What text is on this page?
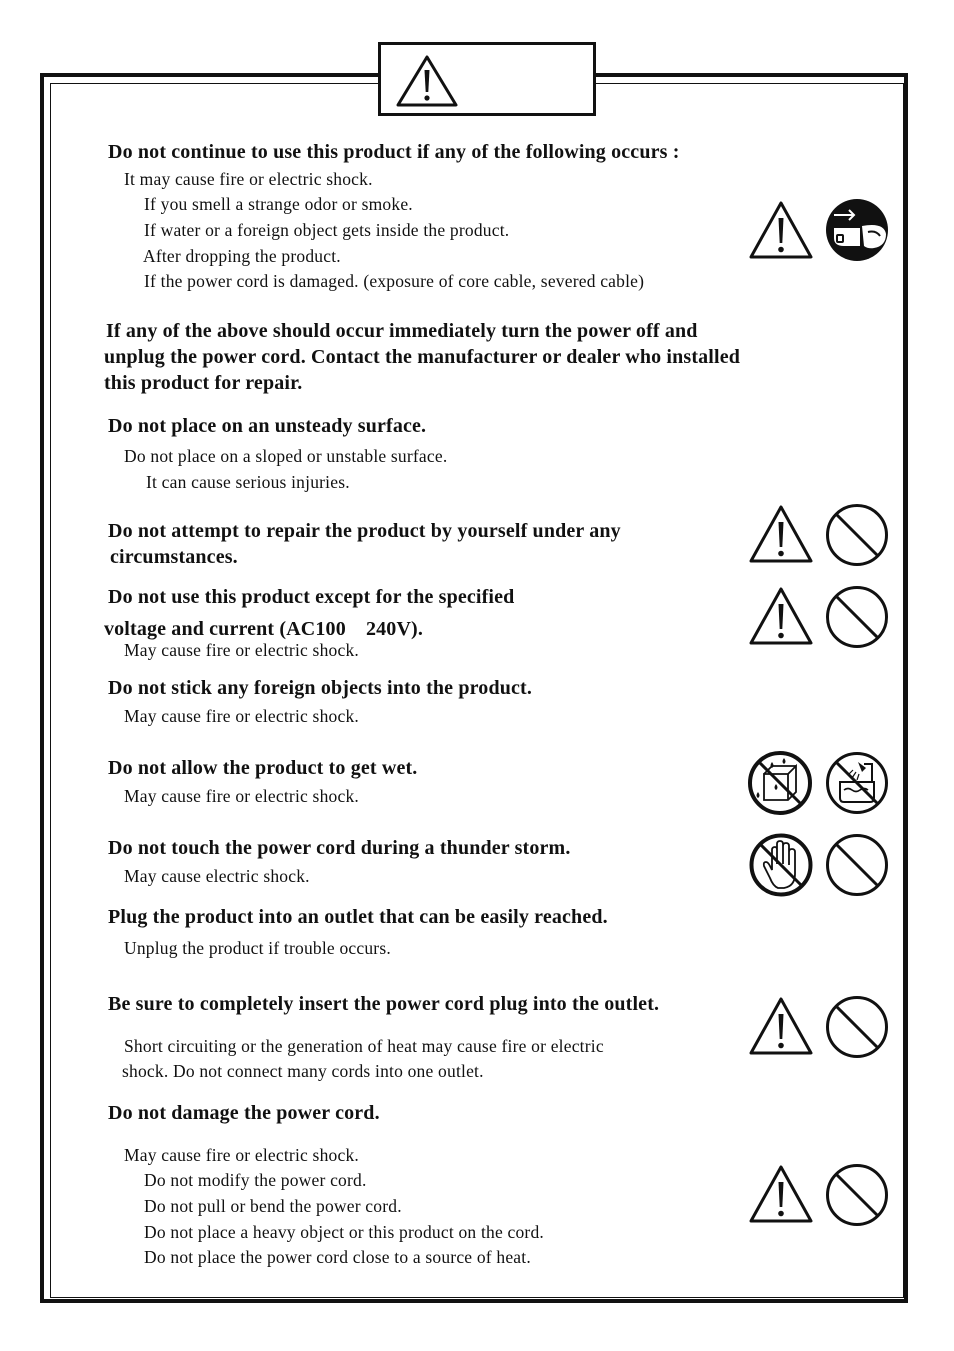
Do not continue to use this product if any of the following occurs :
It may cause fire or electric shock.
If you smell a strange odor or smoke.
If water or a foreign object gets inside the product.
After dropping the product.
If the power cord is damaged. (exposure of core cable, severed cable)
If any of the above should occur immediately turn the power off and
unplug the power cord. Contact the manufacturer or dealer who installed
this product for repair.
Do not place on an unsteady surface.
Do not place on a sloped or unstable surface.
It can cause serious injuries.
Do not attempt to repair the product by yourself under any
circumstances.
Do not use this product except for the specified
voltage and current (AC100　240V).
May cause fire or electric shock.
Do not stick any foreign objects into the product.
May cause fire or electric shock.
Do not allow the product to get wet.
May cause fire or electric shock.
Do not touch the power cord during a thunder storm.
May cause electric shock.
Plug the product into an outlet that can be easily reached.
Unplug the product if trouble occurs.
Be sure to completely insert the power cord plug into the outlet.
Short circuiting or the generation of heat may cause fire or electric
shock. Do not connect many cords into one outlet.
Do not damage the power cord.
May cause fire or electric shock.
Do not modify the power cord.
Do not pull or bend the power cord.
Do not place a heavy object or this product on the cord.
Do not place the power cord close to a source of heat.
